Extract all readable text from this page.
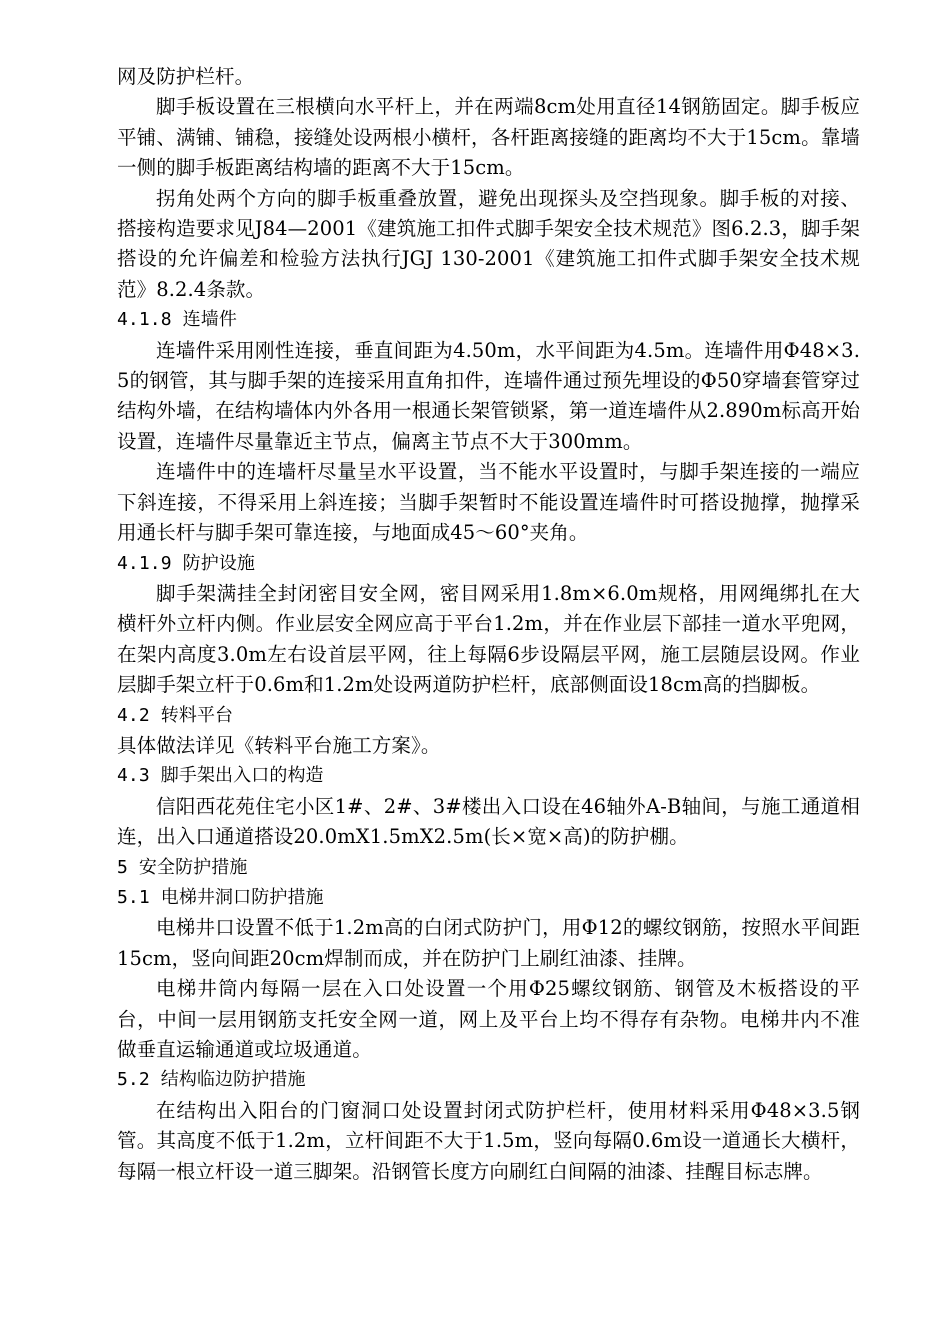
网及防护栏杆。

脚手板设置在三根横向水平杆上，并在两端8cm处用直径14钢筋固定。脚手板应平铺、满铺、铺稳，接缝处设两根小横杆，各杆距离接缝的距离均不大于15cm。靠墙一侧的脚手板距离结构墙的距离不大于15cm。

拐角处两个方向的脚手板重叠放置，避免出现探头及空挡现象。脚手板的对接、搭接构造要求见J84—2001《建筑施工扣件式脚手架安全技术规范》图6.2.3，脚手架搭设的允许偏差和检验方法执行JGJ 130-2001《建筑施工扣件式脚手架安全技术规范》8.2.4条款。

4.1.8 连墙件

连墙件采用刚性连接，垂直间距为4.50m，水平间距为4.5m。连墙件用Φ48×3.5的钢管，其与脚手架的连接采用直角扣件，连墙件通过预先埋设的Φ50穿墙套管穿过结构外墙，在结构墙体内外各用一根通长架管锁紧，第一道连墙件从2.890m标高开始设置，连墙件尽量靠近主节点，偏离主节点不大于300mm。

连墙件中的连墙杆尽量呈水平设置，当不能水平设置时，与脚手架连接的一端应下斜连接，不得采用上斜连接；当脚手架暂时不能设置连墙件时可搭设抛撑，抛撑采用通长杆与脚手架可靠连接，与地面成45～60°夹角。

4.1.9 防护设施

脚手架满挂全封闭密目安全网，密目网采用1.8m×6.0m规格，用网绳绑扎在大横杆外立杆内侧。作业层安全网应高于平台1.2m，并在作业层下部挂一道水平兜网，在架内高度3.0m左右设首层平网，往上每隔6步设隔层平网，施工层随层设网。作业层脚手架立杆于0.6m和1.2m处设两道防护栏杆，底部侧面设18cm高的挡脚板。

4.2 转料平台

具体做法详见《转料平台施工方案》。

4.3 脚手架出入口的构造

信阳西花苑住宅小区1#、2#、3#楼出入口设在46轴外A-B轴间，与施工通道相连，出入口通道搭设20.0mX1.5mX2.5m(长×宽×高)的防护棚。

5 安全防护措施

5.1 电梯井洞口防护措施

电梯井口设置不低于1.2m高的白闭式防护门，用Φ12的螺纹钢筋，按照水平间距15cm，竖向间距20cm焊制而成，并在防护门上刷红油漆、挂牌。

电梯井筒内每隔一层在入口处设置一个用Φ25螺纹钢筋、钢管及木板搭设的平台，中间一层用钢筋支托安全网一道，网上及平台上均不得存有杂物。电梯井内不准做垂直运输通道或垃圾通道。

5.2 结构临边防护措施

在结构出入阳台的门窗洞口处设置封闭式防护栏杆，使用材料采用Φ48×3.5钢管。其高度不低于1.2m，立杆间距不大于1.5m，竖向每隔0.6m设一道通长大横杆，每隔一根立杆设一道三脚架。沿钢管长度方向刷红白间隔的油漆、挂醒目标志牌。
